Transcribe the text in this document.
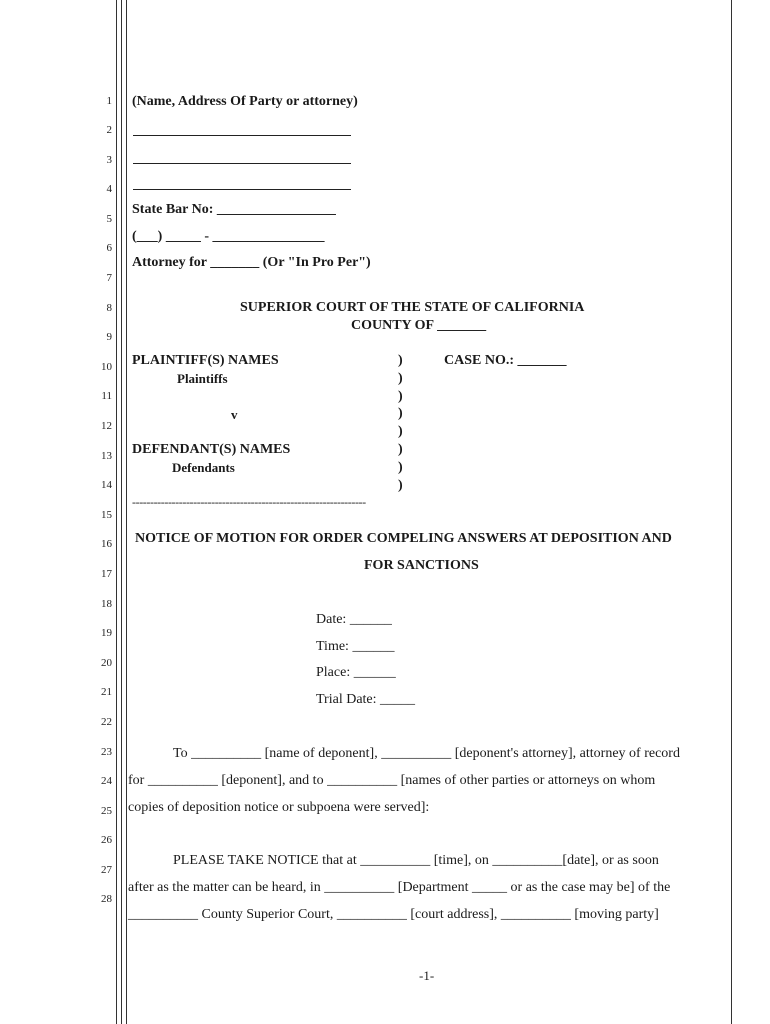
1
2
3
4
5
6
7
8
9
10
11
12
13
14
15
16
17
18
19
20
21
22
23
24
25
26
27
28
(Name, Address Of Party or attorney)
State Bar No: _________________
(___) _____ - ________________
Attorney for _______ (Or "In Pro Per")
SUPERIOR COURT OF THE STATE OF CALIFORNIA
COUNTY OF _______
PLAINTIFF(S) NAMES
Plaintiffs
v
DEFENDANT(S) NAMES
Defendants
CASE NO.: _______
)
)
)
)
)
)
)
)
-----------------------------------------------------------------
NOTICE OF MOTION FOR ORDER COMPELING ANSWERS AT DEPOSITION AND
FOR SANCTIONS
Date: ______
Time: ______
Place: ______
Trial Date: _____
To __________ [name of deponent], __________ [deponent's attorney], attorney of record
for __________ [deponent], and to __________ [names of other parties or attorneys on whom
copies of deposition notice or subpoena were served]:
PLEASE TAKE NOTICE that at __________ [time], on __________[date], or as soon
after as the matter can be heard, in __________ [Department _____ or as the case may be] of the
__________ County Superior Court, __________ [court address], __________ [moving party]
-1-
